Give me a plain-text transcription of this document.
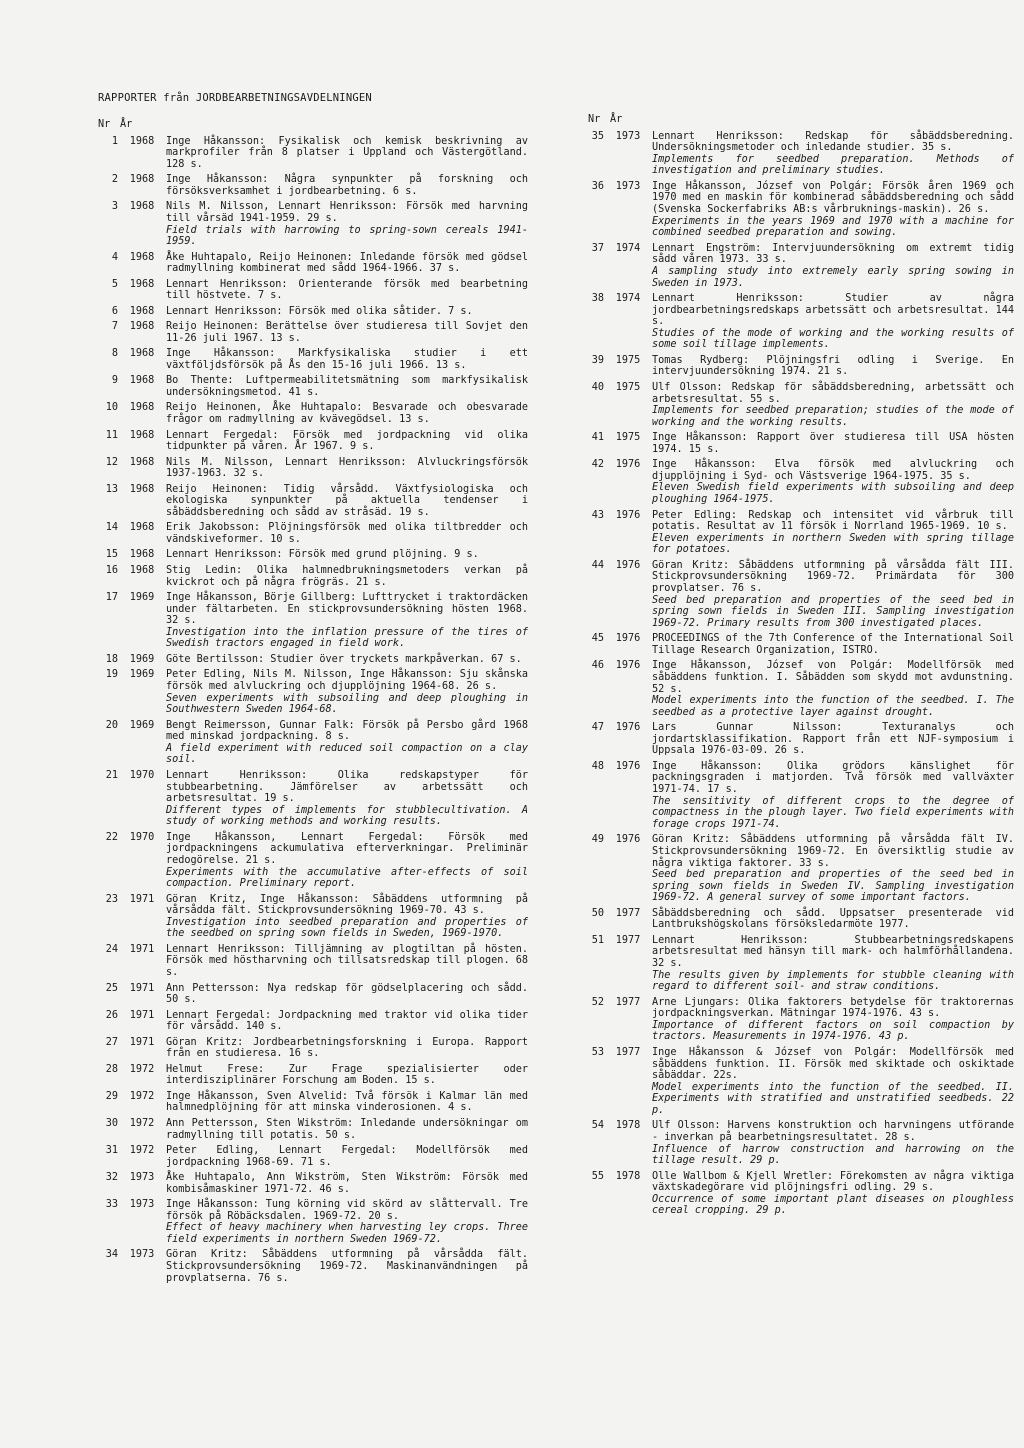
RAPPORTER från JORDBEARBETNINGSAVDELNINGEN
Nr År
1	1968	Inge Håkansson: Fysikalisk och kemisk beskrivning av markprofiler från 8 platser i Uppland och Västergötland. 128 s.
2	1968	Inge Håkansson: Några synpunkter på forskning och försöksverksamhet i jordbearbetning. 6 s.
3	1968	Nils M. Nilsson, Lennart Henriksson: Försök med harvning till vårsäd 1941-1959. 29 s.
Field trials with harrowing to spring-sown cereals 1941-1959.
4	1968	Åke Huhtapalo, Reijo Heinonen: Inledande försök med gödsel radmyllning kombinerat med sådd 1964-1966. 37 s.
5	1968	Lennart Henriksson: Orienterande försök med bearbetning till höstvete. 7 s.
6	1968	Lennart Henriksson: Försök med olika såtider. 7 s.
7	1968	Reijo Heinonen: Berättelse över studieresa till Sovjet den 11-26 juli 1967. 13 s.
8	1968	Inge Håkansson: Markfysikaliska studier i ett växtföljdsförsök på Ås den 15-16 juli 1966. 13 s.
9	1968	Bo Thente: Luftpermeabilitetsmätning som markfysikalisk undersökningsmetod. 41 s.
10	1968	Reijo Heinonen, Åke Huhtapalo: Besvarade och obesvarade frågor om radmyllning av kvävegödsel. 13 s.
11	1968	Lennart Fergedal: Försök med jordpackning vid olika tidpunkter på våren. År 1967. 9 s.
12	1968	Nils M. Nilsson, Lennart Henriksson: Alvluckringsförsök 1937-1963. 32 s.
13	1968	Reijo Heinonen: Tidig vårsådd. Växtfysiologiska och ekologiska synpunkter på aktuella tendenser i såbäddsberedning och sådd av stråsäd. 19 s.
14	1968	Erik Jakobsson: Plöjningsförsök med olika tiltbredder och vändskiveformer. 10 s.
15	1968	Lennart Henriksson: Försök med grund plöjning. 9 s.
16	1968	Stig Ledin: Olika halmnedbrukningsmetoders verkan på kvickrot och på några frögräs. 21 s.
17	1969	Inge Håkansson, Börje Gillberg: Lufttrycket i traktordäcken under fältarbeten. En stickprovsundersökning hösten 1968. 32 s.
Investigation into the inflation pressure of the tires of Swedish tractors engaged in field work.
18	1969	Göte Bertilsson: Studier över tryckets markpåverkan. 67 s.
19	1969	Peter Edling, Nils M. Nilsson, Inge Håkansson: Sju skånska försök med alvluckring och djupplöjning 1964-68. 26 s.
Seven experiments with subsoiling and deep ploughing in Southwestern Sweden 1964-68.
20	1969	Bengt Reimersson, Gunnar Falk: Försök på Persbo gård 1968 med minskad jordpackning. 8 s.
A field experiment with reduced soil compaction on a clay soil.
21	1970	Lennart Henriksson: Olika redskapstyper för stubbearbetning. Jämförelser av arbetssätt och arbetsresultat. 19 s.
Different types of implements for stubblecultivation. A study of working methods and working results.
22	1970	Inge Håkansson, Lennart Fergedal: Försök med jordpackningens ackumulativa efterverkningar. Preliminär redogörelse. 21 s.
Experiments with the accumulative after-effects of soil compaction. Preliminary report.
23	1971	Göran Kritz, Inge Håkansson: Såbäddens utformning på vårsådda fält. Stickprovsundersökning 1969-70. 43 s.
Investigation into seedbed preparation and properties of the seedbed on spring sown fields in Sweden, 1969-1970.
24	1971	Lennart Henriksson: Tilljämning av plogtiltan på hösten. Försök med höstharvning och tillsatsredskap till plogen. 68 s.
25	1971	Ann Pettersson: Nya redskap för gödselplacering och sådd. 50 s.
26	1971	Lennart Fergedal: Jordpackning med traktor vid olika tider för vårsådd. 140 s.
27	1971	Göran Kritz: Jordbearbetningsforskning i Europa. Rapport från en studieresa. 16 s.
28	1972	Helmut Frese: Zur Frage spezialisierter oder interdisziplinärer Forschung am Boden. 15 s.
29	1972	Inge Håkansson, Sven Alvelid: Två försök i Kalmar län med halmnedplöjning för att minska vinderosionen. 4 s.
30	1972	Ann Pettersson, Sten Wikström: Inledande undersökningar om radmyllning till potatis. 50 s.
31	1972	Peter Edling, Lennart Fergedal: Modellförsök med jordpackning 1968-69. 71 s.
32	1973	Åke Huhtapalo, Ann Wikström, Sten Wikström: Försök med kombisåmaskiner 1971-72. 46 s.
33	1973	Inge Håkansson: Tung körning vid skörd av slåttervall. Tre försök på Röbäcksdalen. 1969-72. 20 s.
Effect of heavy machinery when harvesting ley crops. Three field experiments in northern Sweden 1969-72.
34	1973	Göran Kritz: Såbäddens utformning på vårsådda fält. Stickprovsundersökning 1969-72. Maskinanvändningen på provplatserna. 76 s.
Nr År
35	1973	Lennart Henriksson: Redskap för såbäddsberedning. Undersökningsmetoder och inledande studier. 35 s.
Implements for seedbed preparation. Methods of investigation and preliminary studies.
36	1973	Inge Håkansson, József von Polgár: Försök åren 1969 och 1970 med en maskin för kombinerad såbäddsberedning och sådd (Svenska Sockerfabriks AB:s vårbruknings-maskin). 26 s.
Experiments in the years 1969 and 1970 with a machine for combined seedbed preparation and sowing.
37	1974	Lennart Engström: Intervjuundersökning om extremt tidig sådd våren 1973. 33 s.
A sampling study into extremely early spring sowing in Sweden in 1973.
38	1974	Lennart Henriksson: Studier av några jordbearbetningsredskaps arbetssätt och arbetsresultat. 144 s.
Studies of the mode of working and the working results of some soil tillage implements.
39	1975	Tomas Rydberg: Plöjningsfri odling i Sverige. En intervjuundersökning 1974. 21 s.
40	1975	Ulf Olsson: Redskap för såbäddsberedning, arbetssätt och arbetsresultat. 55 s.
Implements for seedbed preparation; studies of the mode of working and the working results.
41	1975	Inge Håkansson: Rapport över studieresa till USA hösten 1974. 15 s.
42	1976	Inge Håkansson: Elva försök med alvluckring och djupplöjning i Syd- och Västsverige 1964-1975. 35 s.
Eleven Swedish field experiments with subsoiling and deep ploughing 1964-1975.
43	1976	Peter Edling: Redskap och intensitet vid vårbruk till potatis. Resultat av 11 försök i Norrland 1965-1969. 10 s.
Eleven experiments in northern Sweden with spring tillage for potatoes.
44	1976	Göran Kritz: Såbäddens utformning på vårsådda fält III. Stickprovsundersökning 1969-72. Primärdata för 300 provplatser. 76 s.
Seed bed preparation and properties of the seed bed in spring sown fields in Sweden III. Sampling investigation 1969-72. Primary results from 300 investigated places.
45	1976	PROCEEDINGS of the 7th Conference of the International Soil Tillage Research Organization, ISTRO.
46	1976	Inge Håkansson, József von Polgár: Modellförsök med såbäddens funktion. I. Såbädden som skydd mot avdunstning. 52 s.
Model experiments into the function of the seedbed. I. The seedbed as a protective layer against drought.
47	1976	Lars Gunnar Nilsson: Texturanalys och jordartsklassifikation. Rapport från ett NJF-symposium i Uppsala 1976-03-09. 26 s.
48	1976	Inge Håkansson: Olika grödors känslighet för packningsgraden i matjorden. Två försök med vallväxter 1971-74. 17 s.
The sensitivity of different crops to the degree of compactness in the plough layer. Two field experiments with forage crops 1971-74.
49	1976	Göran Kritz: Såbäddens utformning på vårsådda fält IV. Stickprovsundersökning 1969-72. En översiktlig studie av några viktiga faktorer. 33 s.
Seed bed preparation and properties of the seed bed in spring sown fields in Sweden IV. Sampling investigation 1969-72. A general survey of some important factors.
50	1977	Såbäddsberedning och sådd. Uppsatser presenterade vid Lantbrukshögskolans försöksledarmöte 1977.
51	1977	Lennart Henriksson: Stubbearbetningsredskapens arbetsresultat med hänsyn till mark- och halmförhållandena. 32 s.
The results given by implements for stubble cleaning with regard to different soil- and straw conditions.
52	1977	Arne Ljungars: Olika faktorers betydelse för traktorernas jordpackningsverkan. Mätningar 1974-1976. 43 s.
Importance of different factors on soil compaction by tractors. Measurements in 1974-1976. 43 p.
53	1977	Inge Håkansson & József von Polgár: Modellförsök med såbäddens funktion. II. Försök med skiktade och oskiktade såbäddar. 22s.
Model experiments into the function of the seedbed. II. Experiments with stratified and unstratified seedbeds. 22 p.
54	1978	Ulf Olsson: Harvens konstruktion och harvningens utförande - inverkan på bearbetningsresultatet. 28 s.
Influence of harrow construction and harrowing on the tillage result. 29 p.
55	1978	Olle Wallbom & Kjell Wretler: Förekomsten av några viktiga växtskadegörare vid plöjningsfri odling. 29 s.
Occurrence of some important plant diseases on ploughless cereal cropping. 29 p.
